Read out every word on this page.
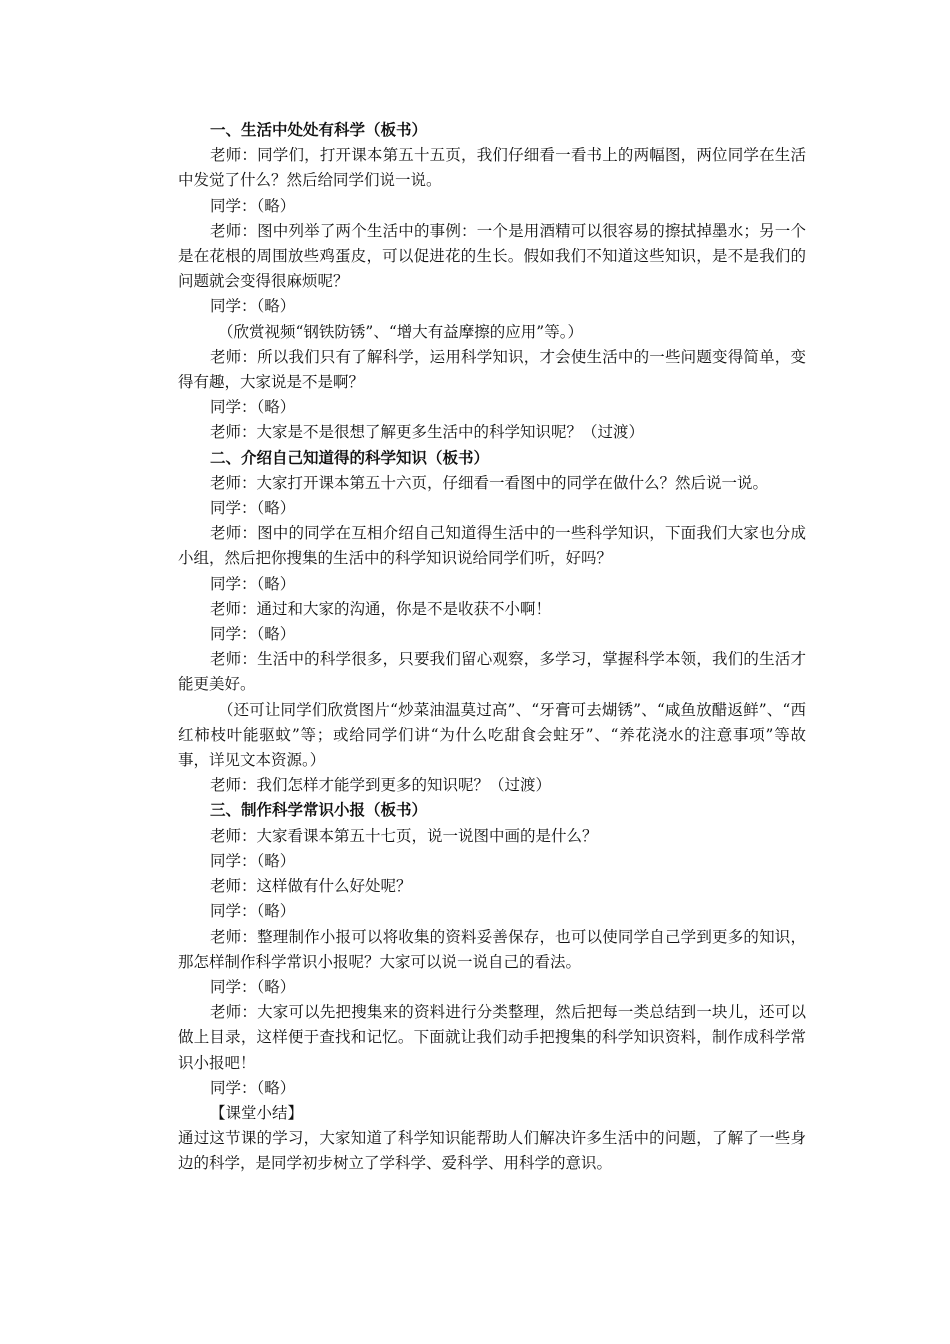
一、生活中处处有科学（板书）

老师：同学们，打开课本第五十五页，我们仔细看一看书上的两幅图，两位同学在生活中发觉了什么？然后给同学们说一说。

同学：（略）

老师：图中列举了两个生活中的事例：一个是用酒精可以很容易的擦拭掉墨水；另一个是在花根的周围放些鸡蛋皮，可以促进花的生长。假如我们不知道这些知识，是不是我们的问题就会变得很麻烦呢？

同学：（略）

（欣赏视频“钢铁防锈”、“增大有益摩擦的应用”等。）

老师：所以我们只有了解科学，运用科学知识，才会使生活中的一些问题变得简单，变得有趣，大家说是不是啊？

同学：（略）

老师：大家是不是很想了解更多生活中的科学知识呢？（过渡）

二、介绍自己知道得的科学知识（板书）

老师：大家打开课本第五十六页，仔细看一看图中的同学在做什么？然后说一说。

同学：（略）

老师：图中的同学在互相介绍自己知道得生活中的一些科学知识，下面我们大家也分成小组，然后把你搜集的生活中的科学知识说给同学们听，好吗？

同学：（略）

老师：通过和大家的沟通，你是不是收获不小啊！

同学：（略）

老师：生活中的科学很多，只要我们留心观察，多学习，掌握科学本领，我们的生活才能更美好。

（还可让同学们欣赏图片“炒菜油温莫过高”、“牙膏可去煳锈”、“咸鱼放醋返鲜”、“西红柿枝叶能驱蚊”等；或给同学们讲“为什么吃甜食会蛀牙”、“养花浇水的注意事项”等故事，详见文本资源。）

老师：我们怎样才能学到更多的知识呢？（过渡）

三、制作科学常识小报（板书）

老师：大家看课本第五十七页，说一说图中画的是什么？

同学：（略）

老师：这样做有什么好处呢？

同学：（略）

老师：整理制作小报可以将收集的资料妥善保存，也可以使同学自己学到更多的知识，那怎样制作科学常识小报呢？大家可以说一说自己的看法。

同学：（略）

老师：大家可以先把搜集来的资料进行分类整理，然后把每一类总结到一块儿，还可以做上目录，这样便于查找和记忆。下面就让我们动手把搜集的科学知识资料，制作成科学常识小报吧！

同学：（略）

【课堂小结】

通过这节课的学习，大家知道了科学知识能帮助人们解决许多生活中的问题，了解了一些身边的科学，是同学初步树立了学科学、爱科学、用科学的意识。
